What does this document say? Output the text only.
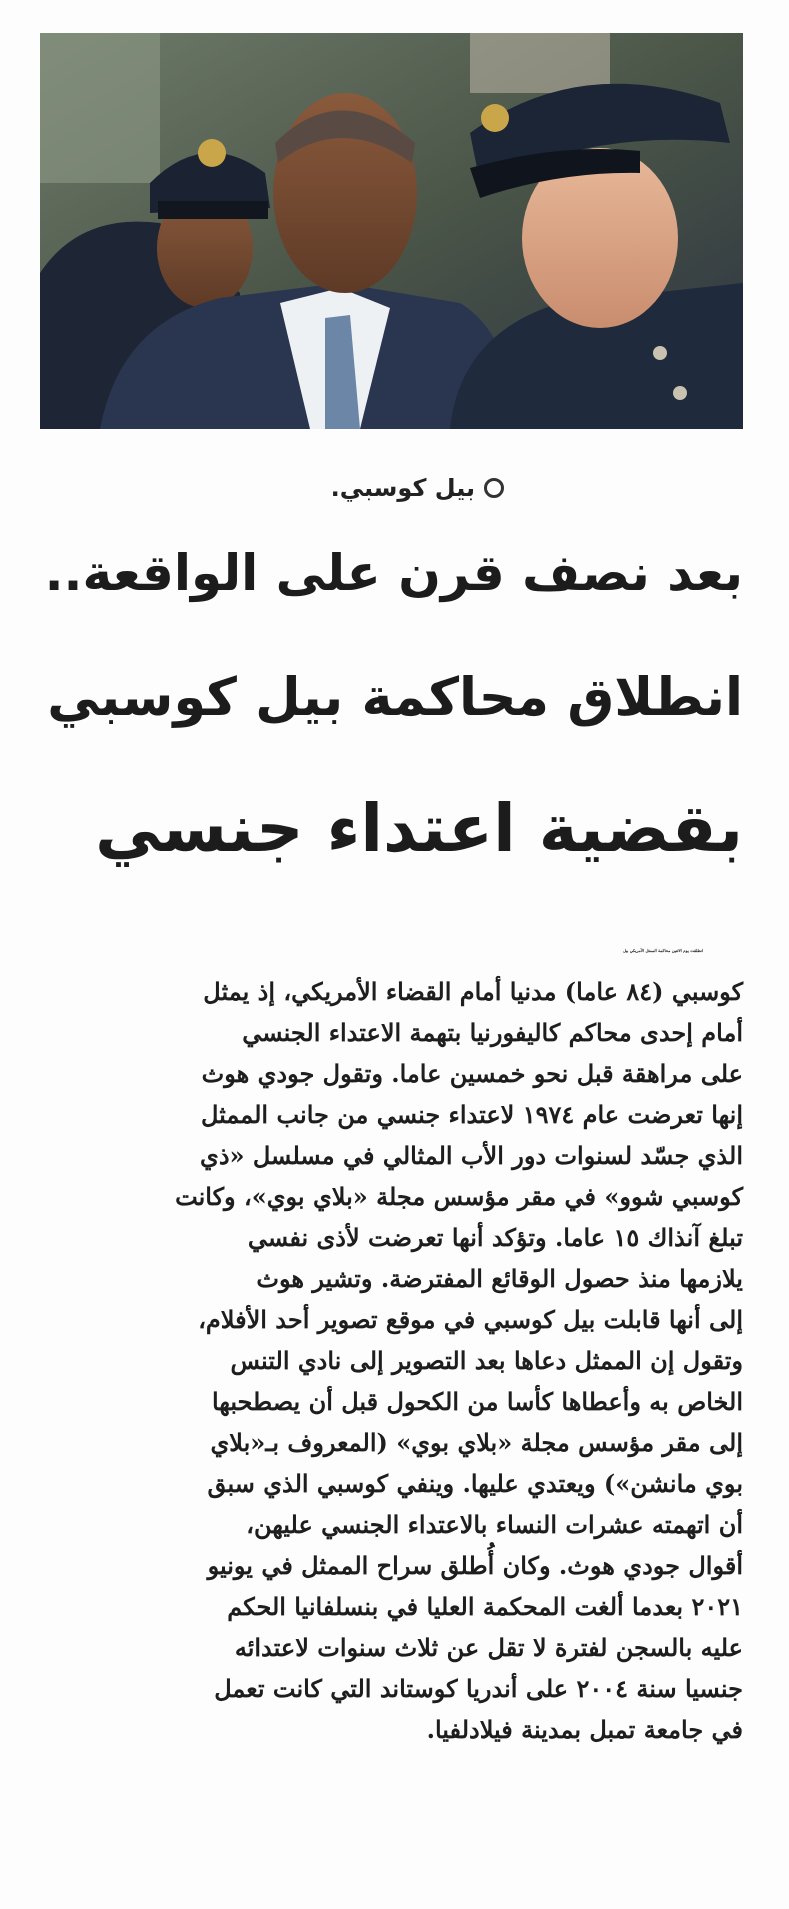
بيل كوسبي.
بعد نصف قرن على الواقعة..
انطلاق محاكمة بيل كوسبي
بقضية اعتداء جنسي
انطلقت يوم الاثنين محاكمة الممثل الأمريكي بيل
كوسبي (٨٤ عاما) مدنيا أمام القضاء الأمريكي، إذ يمثل
أمام إحدى محاكم كاليفورنيا بتهمة الاعتداء الجنسي
على مراهقة قبل نحو خمسين عاما. وتقول جودي هوث
إنها تعرضت عام ١٩٧٤ لاعتداء جنسي من جانب الممثل
الذي جسّد لسنوات دور الأب المثالي في مسلسل «ذي
كوسبي شوو» في مقر مؤسس مجلة «بلاي بوي»، وكانت
تبلغ آنذاك ١٥ عاما. وتؤكد أنها تعرضت لأذى نفسي
يلازمها منذ حصول الوقائع المفترضة. وتشير هوث
إلى أنها قابلت بيل كوسبي في موقع تصوير أحد الأفلام،
وتقول إن الممثل دعاها بعد التصوير إلى نادي التنس
الخاص به وأعطاها كأسا من الكحول قبل أن يصطحبها
إلى مقر مؤسس مجلة «بلاي بوي» (المعروف بـ«بلاي
بوي مانشن») ويعتدي عليها. وينفي كوسبي الذي سبق
أن اتهمته عشرات النساء بالاعتداء الجنسي عليهن،
أقوال جودي هوث. وكان أُطلق سراح الممثل في يونيو
٢٠٢١ بعدما ألغت المحكمة العليا في بنسلفانيا الحكم
عليه بالسجن لفترة لا تقل عن ثلاث سنوات لاعتدائه
جنسيا سنة ٢٠٠٤ على أندريا كوستاند التي كانت تعمل
في جامعة تمبل بمدينة فيلادلفيا.
